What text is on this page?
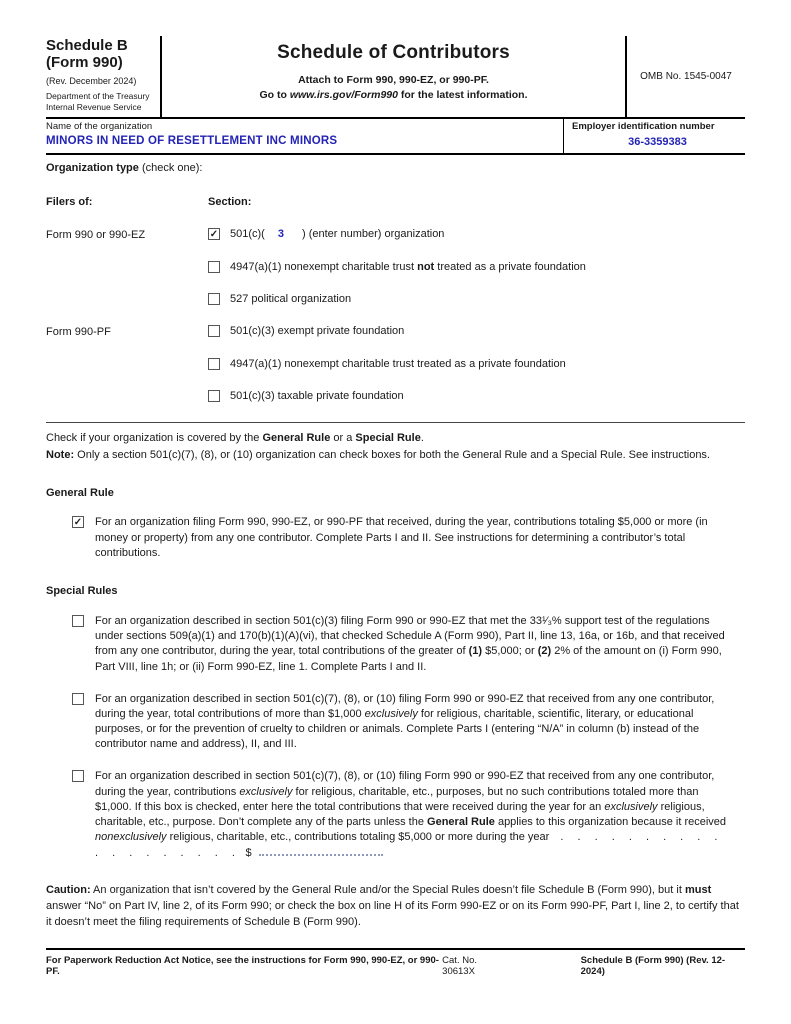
Schedule B
(Form 990)
(Rev. December 2024)
Department of the Treasury
Internal Revenue Service
Schedule of Contributors
Attach to Form 990, 990-EZ, or 990-PF.
Go to www.irs.gov/Form990 for the latest information.
OMB No. 1545-0047
Name of the organization
MINORS IN NEED OF RESETTLEMENT INC MINORS
Employer identification number
36-3359383
Organization type (check one):
Filers of:	Section:
Form 990 or 990-EZ	✓ 501(c)( 3 ) (enter number) organization
4947(a)(1) nonexempt charitable trust not treated as a private foundation
527 political organization
Form 990-PF	501(c)(3) exempt private foundation
4947(a)(1) nonexempt charitable trust treated as a private foundation
501(c)(3) taxable private foundation
Check if your organization is covered by the General Rule or a Special Rule.
Note: Only a section 501(c)(7), (8), or (10) organization can check boxes for both the General Rule and a Special Rule. See instructions.
General Rule
✓ For an organization filing Form 990, 990-EZ, or 990-PF that received, during the year, contributions totaling $5,000 or more (in money or property) from any one contributor. Complete Parts I and II. See instructions for determining a contributor’s total contributions.
Special Rules
For an organization described in section 501(c)(3) filing Form 990 or 990-EZ that met the 33¹⁄₃% support test of the regulations under sections 509(a)(1) and 170(b)(1)(A)(vi), that checked Schedule A (Form 990), Part II, line 13, 16a, or 16b, and that received from any one contributor, during the year, total contributions of the greater of (1) $5,000; or (2) 2% of the amount on (i) Form 990, Part VIII, line 1h; or (ii) Form 990-EZ, line 1. Complete Parts I and II.
For an organization described in section 501(c)(7), (8), or (10) filing Form 990 or 990-EZ that received from any one contributor, during the year, total contributions of more than $1,000 exclusively for religious, charitable, scientific, literary, or educational purposes, or for the prevention of cruelty to children or animals. Complete Parts I (entering “N/A” in column (b) instead of the contributor name and address), II, and III.
For an organization described in section 501(c)(7), (8), or (10) filing Form 990 or 990-EZ that received from any one contributor, during the year, contributions exclusively for religious, charitable, etc., purposes, but no such contributions totaled more than $1,000. If this box is checked, enter here the total contributions that were received during the year for an exclusively religious, charitable, etc., purpose. Don’t complete any of the parts unless the General Rule applies to this organization because it received nonexclusively religious, charitable, etc., contributions totaling $5,000 or more during the year . . . . . . . . . . . . . . . . . . . $
Caution: An organization that isn’t covered by the General Rule and/or the Special Rules doesn’t file Schedule B (Form 990), but it must answer “No” on Part IV, line 2, of its Form 990; or check the box on line H of its Form 990-EZ or on its Form 990-PF, Part I, line 2, to certify that it doesn’t meet the filing requirements of Schedule B (Form 990).
For Paperwork Reduction Act Notice, see the instructions for Form 990, 990-EZ, or 990-PF.
Cat. No. 30613X
Schedule B (Form 990) (Rev. 12-2024)
